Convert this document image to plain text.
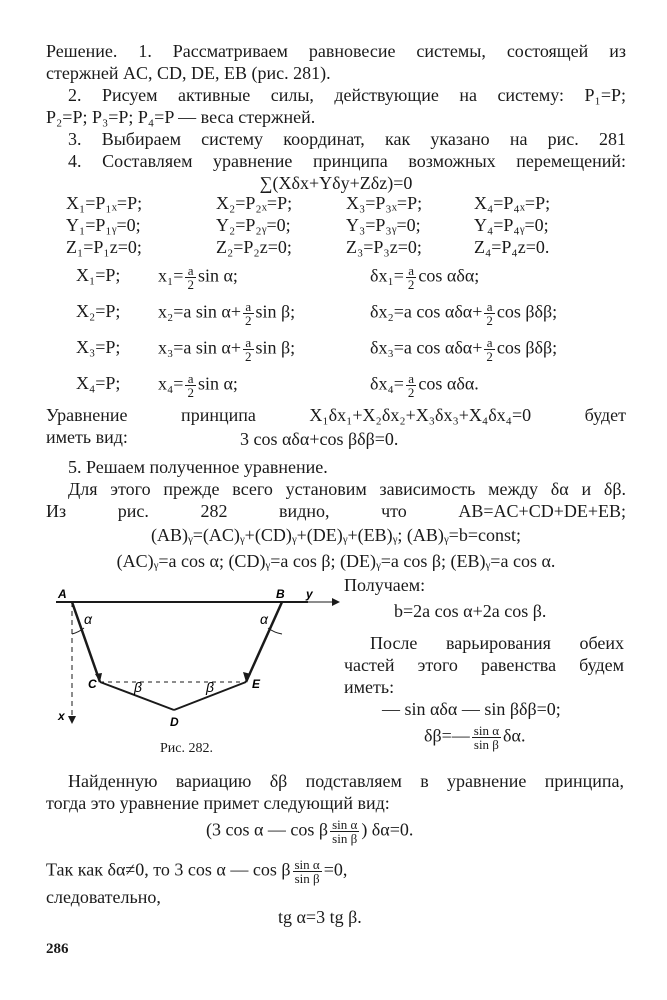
Решение. 1. Рассматриваем равновесие системы, состоящей из
стержней AC, CD, DE, EB (рис. 281).
2. Рисуем активные силы, действующие на систему: P₁=P;
P₂=P; P₃=P; P₄=P — веса стержней.
3. Выбираем систему координат, как указано на рис. 281
4. Составляем уравнение принципа возможных перемещений:
∑(Xδx+Yδy+Zδz)=0
X₁=P₁ₓ=P;	X₂=P₂ₓ=P;	X₃=P₃ₓ=P;	X₄=P₄ₓ=P;
Y₁=P₁ᵧ=0;	Y₂=P₂ᵧ=0;	Y₃=P₃ᵧ=0;	Y₄=P₄ᵧ=0;
Z₁=P₁z=0;	Z₂=P₂z=0;	Z₃=P₃z=0;	Z₄=P₄z=0.
X₁=P; $x_1= \frac{a}{2}$ sin α;	$\delta x_1= \frac{a}{2}$ cos αδα;
X₂=P; x₂=a $\sin \alpha+ \frac{a}{2}$ sin β;	δx₂=a $\cos \alpha\delta\alpha+ \frac{a}{2}$ cos βδβ;
X₃=P; x₃=a $\sin \alpha+ \frac{a}{2}$ sin β;	δx₃=a $\cos \alpha\delta\alpha+ \frac{a}{2}$ cos βδβ;
X₄=P; $x_4= \frac{a}{2}$ sin α;	$\delta x_4= \frac{a}{2}$ cos αδα.
Уравнение принципа X₁δx₁+X₂δx₂+X₃δx₃+X₄δx₄=0 будет
иметь вид:	3 cos αδα+cos βδβ=0.
5. Решаем полученное уравнение.
Для этого прежде всего установим зависимость между δα и δβ.
Из рис. 282 видно, что AB=AC+CD+DE+EB;
(AB)ᵧ=(AC)ᵧ+(CD)ᵧ+(DE)ᵧ+(EB)ᵧ; (AB)ᵧ=b=const;
(AC)ᵧ=a cos α; (CD)ᵧ=a cos β; (DE)ᵧ=a cos β; (EB)ᵧ=a cos α.
A	B y
x
C
D
E
α	α
β	β
Рис. 282.
Получаем:
b=2a cos α+2a cos β.
После варьирования обеих
частей этого равенства будем
иметь:
— sin αδα — sin βδβ=0;
δβ=— $\frac{\text{sin α}}{\text{sin β}} \delta\alpha$.
Найденную вариацию δβ подставляем в уравнение принципа,
тогда это уравнение примет следующий вид:
(3 cos α — cos β $\frac{\text{sin α}}{\text{sin β}}$ ) δα=0.
Так как δα≠0, то 3 cos α — cos β $\frac{\text{sin α}}{\text{sin β}} =0$,
следовательно,
tg α=3 tg β.
286
